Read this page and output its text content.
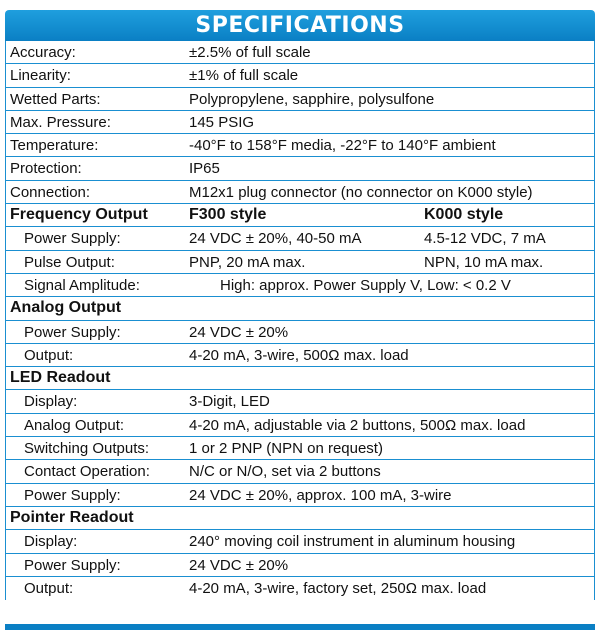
SPECIFICATIONS
Accuracy:	±2.5% of full scale
Linearity:	±1% of full scale
Wetted Parts:	Polypropylene, sapphire, polysulfone
Max. Pressure:	145 PSIG
Temperature:	-40°F to 158°F media, -22°F to 140°F ambient
Protection:	IP65
Connection:	M12x1 plug connector (no connector on K000 style)
Frequency Output	F300 style	K000 style
Power Supply:	24 VDC ± 20%, 40-50 mA	4.5-12 VDC, 7 mA
Pulse Output:	PNP, 20 mA max.	NPN, 10 mA max.
Signal Amplitude:	High: approx. Power Supply V, Low: < 0.2 V
Analog Output
Power Supply:	24 VDC ± 20%
Output:	4-20 mA, 3-wire, 500Ω max. load
LED Readout
Display:	3-Digit, LED
Analog Output:	4-20 mA, adjustable via 2 buttons, 500Ω max. load
Switching Outputs:	1 or 2 PNP (NPN on request)
Contact Operation:	N/C or N/O, set via 2 buttons
Power Supply:	24 VDC ± 20%, approx. 100 mA, 3-wire
Pointer Readout
Display:	240° moving coil instrument in aluminum housing
Power Supply:	24 VDC ± 20%
Output:	4-20 mA, 3-wire, factory set, 250Ω max. load
